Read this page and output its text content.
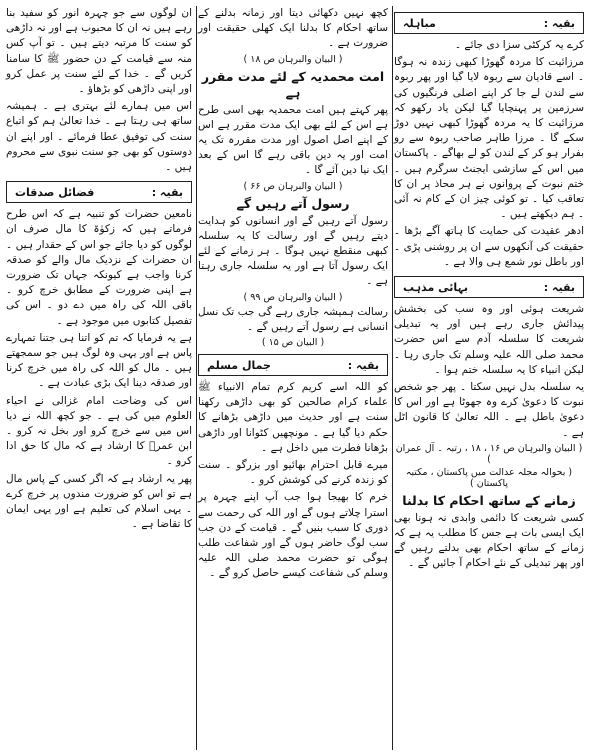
بقیہ :
مباہلہ

کرے یہ کرکٹی سزا دی جائے ۔

مرزائیت کا مردہ گھوڑا کبھی زندہ نہ ہوگا ۔ اسے قادیان سے ربوہ لایا گیا اور پھر ربوہ سے لندن لے جا کر اپنے اصلی فرنگیوں کی سرزمین پر پہنچایا گیا لیکن یاد رکھو کہ مرزائیت کا یہ مردہ گھوڑا کبھی نہیں دوڑ سکے گا ۔ مرزا طاہر صاحب ربوہ سے رو بفرار ہو کر کے لندن کو لے بھاگے ۔ پاکستان میں اس کے سازشی ایجنٹ سرگرم ہیں ۔ ختم نبوت کے پروانوں نے ہر محاذ پر ان کا تعاقب کیا ۔ تو کوئی چیز ان کے کام نہ آئی ۔ ہم دیکھتے ہیں ۔

ادھر عقیدت کی حمایت کا ہاتھ آگے بڑھا ۔ حقیقت کی آنکھوں سے ان پر روشنی پڑی ۔ اور باطل نور شمع ہی والا ہے ۔

بقیہ :
بہائی مذہب

شریعت ہوئی اور وہ سب کی بخشش پیدائش جاری رہے ہیں اور یہ تبدیلی شریعت کا سلسلہ آدم سے اس حضرت محمد صلی اللہ علیہ وسلم تک جاری رہا ۔ لیکن انبیاء کا یہ سلسلہ ختم ہوا ۔

یہ سلسلہ بدل نہیں سکتا ۔ پھر جو شخص نبوت کا دعویٰ کرے وہ جھوٹا ہے اور اس کا دعویٰ باطل ہے ۔ اللہ تعالیٰ کا قانون اٹل ہے ۔

( البیان والبرہان ص ۱۶ ، ۱۸ ، رتبہ ۔ آل عمران )

( بحوالہ مجلہ عدالت میں پاکستان ، مکتبہ پاکستان )

زمانے کے ساتھ احکام کا بدلنا

کسی شریعت کا دائمی وابدی نہ ہونا بھی ایک ایسی بات ہے جس کا مطلب یہ ہے کہ زمانے کے ساتھ احکام بھی بدلتے رہیں گے اور پھر تبدیلی کے نئے احکام آ جائیں گے ۔

کچھ نہیں دکھائی دیتا اور زمانہ بدلنے کے ساتھ احکام کا بدلنا ایک کھلی حقیقت اور ضرورت ہے ۔

( البیان والبرہان ص ۱۸ )

امت محمدیہ کے لئے مدت مقرر ہے

پھر کہتے ہیں امت محمدیہ بھی اسی طرح ہے اس کے لئے بھی ایک مدت مقرر ہے اس کے اپنے اصل اصول اور مدت مقررہ تک یہ امت اور یہ دین باقی رہے گا اس کے بعد ایک نیا دین آئے گا ۔

( البیان والبرہان ص ۶۶ )

رسول آتے رہیں گے

رسول آتے رہیں گے اور انسانوں کو ہدایت دیتے رہیں گے اور رسالت کا یہ سلسلہ کبھی منقطع نہیں ہوگا ۔ ہر زمانے کے لئے ایک رسول آتا ہے اور یہ سلسلہ جاری رہتا ہے ۔

( البیان والبرہان ص ۹۹ )

رسالت ہمیشہ جاری رہے گی جب تک نسل انسانی ہے رسول آتے رہیں گے ۔

( البیان ص ۱۵ )

بقیہ :
جمال مسلم

کو اللہ اسے کریم کرم تمام الانبیاء ﷺ علماء کرام صالحین کو بھی داڑھی رکھنا سنت ہے اور حدیث میں داڑھی بڑھانے کا حکم دیا گیا ہے ۔ مونچھیں کٹوانا اور داڑھی بڑھانا فطرت میں داخل ہے ۔

میرے قابل احترام بھائیو اور بزرگو ۔ سنت کو زندہ کرنے کی کوشش کرو ۔

خرم کا بھیجا ہوا جب آپ اپنے چہرہ پر استرا چلاتے ہوں گے اور اللہ کی رحمت سے دوری کا سبب بنیں گے ۔ قیامت کے دن جب سب لوگ حاضر ہوں گے اور شفاعت طلب ہوگی تو حضرت محمد صلی اللہ علیہ وسلم کی شفاعت کیسے حاصل کرو گے ۔

ان لوگوں سے جو چہرہ انور کو سفید بنا رہے ہیں نہ ان کا محبوب ہے اور نہ داڑھی کو سنت کا مرتبہ دیتے ہیں ۔ تو آپ کس منہ سے قیامت کے دن حضور ﷺ کا سامنا کریں گے ۔ خدا کے لئے سنت پر عمل کرو اور اپنی داڑھی کو بڑھاؤ ۔

اس میں ہمارے لئے بہتری ہے ۔ ہمیشہ ساتھ ہی رہتا ہے ۔ خدا تعالیٰ ہم کو اتباع سنت کی توفیق عطا فرمائے ۔ اور اپنے ان دوستوں کو بھی جو سنت نبوی سے محروم ہیں ۔

بقیہ :
فضائل صدقات

نامعین حضرات کو تنبیہ ہے کہ اس طرح فرماتے ہیں کہ زکوٰۃ کا مال صرف ان لوگوں کو دیا جائے جو اس کے حقدار ہیں ۔ ان حضرات کے نزدیک مال والے کو صدقہ کرنا واجب ہے کیونکہ جہاں تک ضرورت ہے اپنی ضرورت کے مطابق خرچ کرو ۔ باقی اللہ کی راہ میں دے دو ۔ اس کی تفصیل کتابوں میں موجود ہے ۔

ہے یہ فرمایا کہ تم کو اتنا ہی جتنا تمہارے پاس ہے اور یہی وہ لوگ ہیں جو سمجھتے ہیں ۔ مال کو اللہ کی راہ میں خرچ کرنا اور صدقہ دینا ایک بڑی عبادت ہے ۔

اس کی وضاحت امام غزالی نے احیاء العلوم میں کی ہے ۔ جو کچھ اللہ نے دیا اس میں سے خرچ کرو اور بخل نہ کرو ۔ ابن عمرؓ کا ارشاد ہے کہ مال کا حق ادا کرو ۔

پھر یہ ارشاد ہے کہ اگر کسی کے پاس مال ہے تو اس کو ضرورت مندوں پر خرچ کرے ۔ یہی اسلام کی تعلیم ہے اور یہی ایمان کا تقاضا ہے ۔
